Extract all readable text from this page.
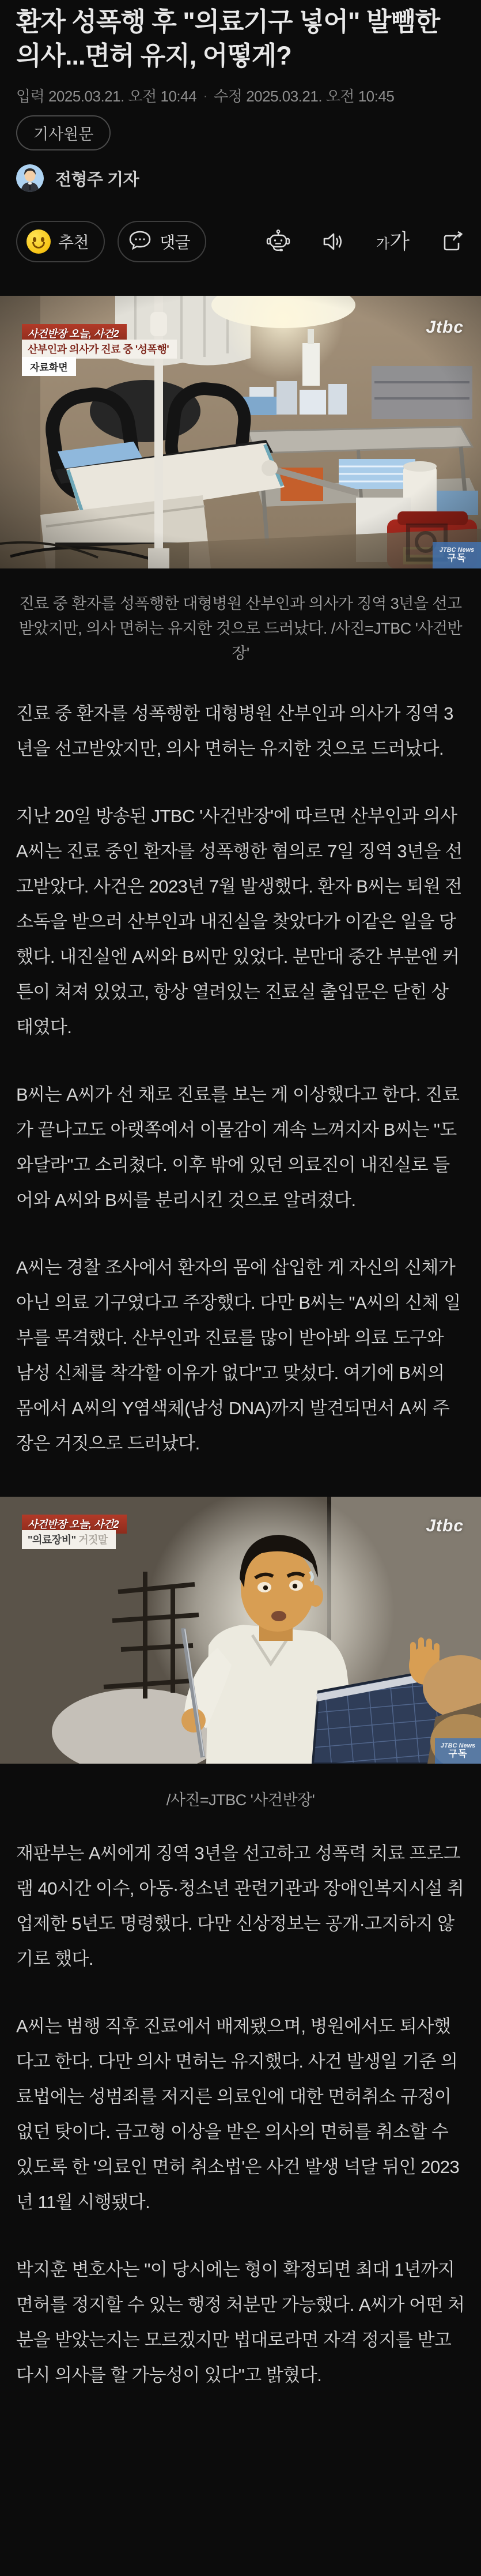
환자 성폭행 후 "의료기구 넣어" 발뺌한 의사...면허 유지, 어떻게?
입력 2025.03.21. 오전 10:44 · 수정 2025.03.21. 오전 10:45
기사원문
전형주 기자
추천	댓글	가 가
사건반장 오늘, 사건2
산부인과 의사가 진료 중 '성폭행'
자료화면
Jtbc
JTBC News
구독
진료 중 환자를 성폭행한 대형병원 산부인과 의사가 징역 3년을 선고받았지만, 의사 면허는 유지한 것으로 드러났다. /사진=JTBC '사건반장'

진료 중 환자를 성폭행한 대형병원 산부인과 의사가 징역 3년을 선고받았지만, 의사 면허는 유지한 것으로 드러났다.

지난 20일 방송된 JTBC '사건반장'에 따르면 산부인과 의사 A씨는 진료 중인 환자를 성폭행한 혐의로 7일 징역 3년을 선고받았다. 사건은 2023년 7월 발생했다. 환자 B씨는 퇴원 전 소독을 받으러 산부인과 내진실을 찾았다가 이같은 일을 당했다. 내진실엔 A씨와 B씨만 있었다. 분만대 중간 부분엔 커튼이 쳐져 있었고, 항상 열려있는 진료실 출입문은 닫힌 상태였다.

B씨는 A씨가 선 채로 진료를 보는 게 이상했다고 한다. 진료가 끝나고도 아랫쪽에서 이물감이 계속 느껴지자 B씨는 "도와달라"고 소리쳤다. 이후 밖에 있던 의료진이 내진실로 들어와 A씨와 B씨를 분리시킨 것으로 알려졌다.

A씨는 경찰 조사에서 환자의 몸에 삽입한 게 자신의 신체가 아닌 의료 기구였다고 주장했다. 다만 B씨는 "A씨의 신체 일부를 목격했다. 산부인과 진료를 많이 받아봐 의료 도구와 남성 신체를 착각할 이유가 없다"고 맞섰다. 여기에 B씨의 몸에서 A씨의 Y염색체(남성 DNA)까지 발견되면서 A씨 주장은 거짓으로 드러났다.

사건반장 오늘, 사건2
"의료장비" 거짓말
Jtbc
JTBC News
구독
/사진=JTBC '사건반장'

재판부는 A씨에게 징역 3년을 선고하고 성폭력 치료 프로그램 40시간 이수, 아동·청소년 관련기관과 장애인복지시설 취업제한 5년도 명령했다. 다만 신상정보는 공개·고지하지 않기로 했다.

A씨는 범행 직후 진료에서 배제됐으며, 병원에서도 퇴사했다고 한다. 다만 의사 면허는 유지했다. 사건 발생일 기준 의료법에는 성범죄를 저지른 의료인에 대한 면허취소 규정이 없던 탓이다. 금고형 이상을 받은 의사의 면허를 취소할 수 있도록 한 '의료인 면허 취소법'은 사건 발생 넉달 뒤인 2023년 11월 시행됐다.

박지훈 변호사는 "이 당시에는 형이 확정되면 최대 1년까지 면허를 정지할 수 있는 행정 처분만 가능했다. A씨가 어떤 처분을 받았는지는 모르겠지만 법대로라면 자격 정지를 받고 다시 의사를 할 가능성이 있다"고 밝혔다.
